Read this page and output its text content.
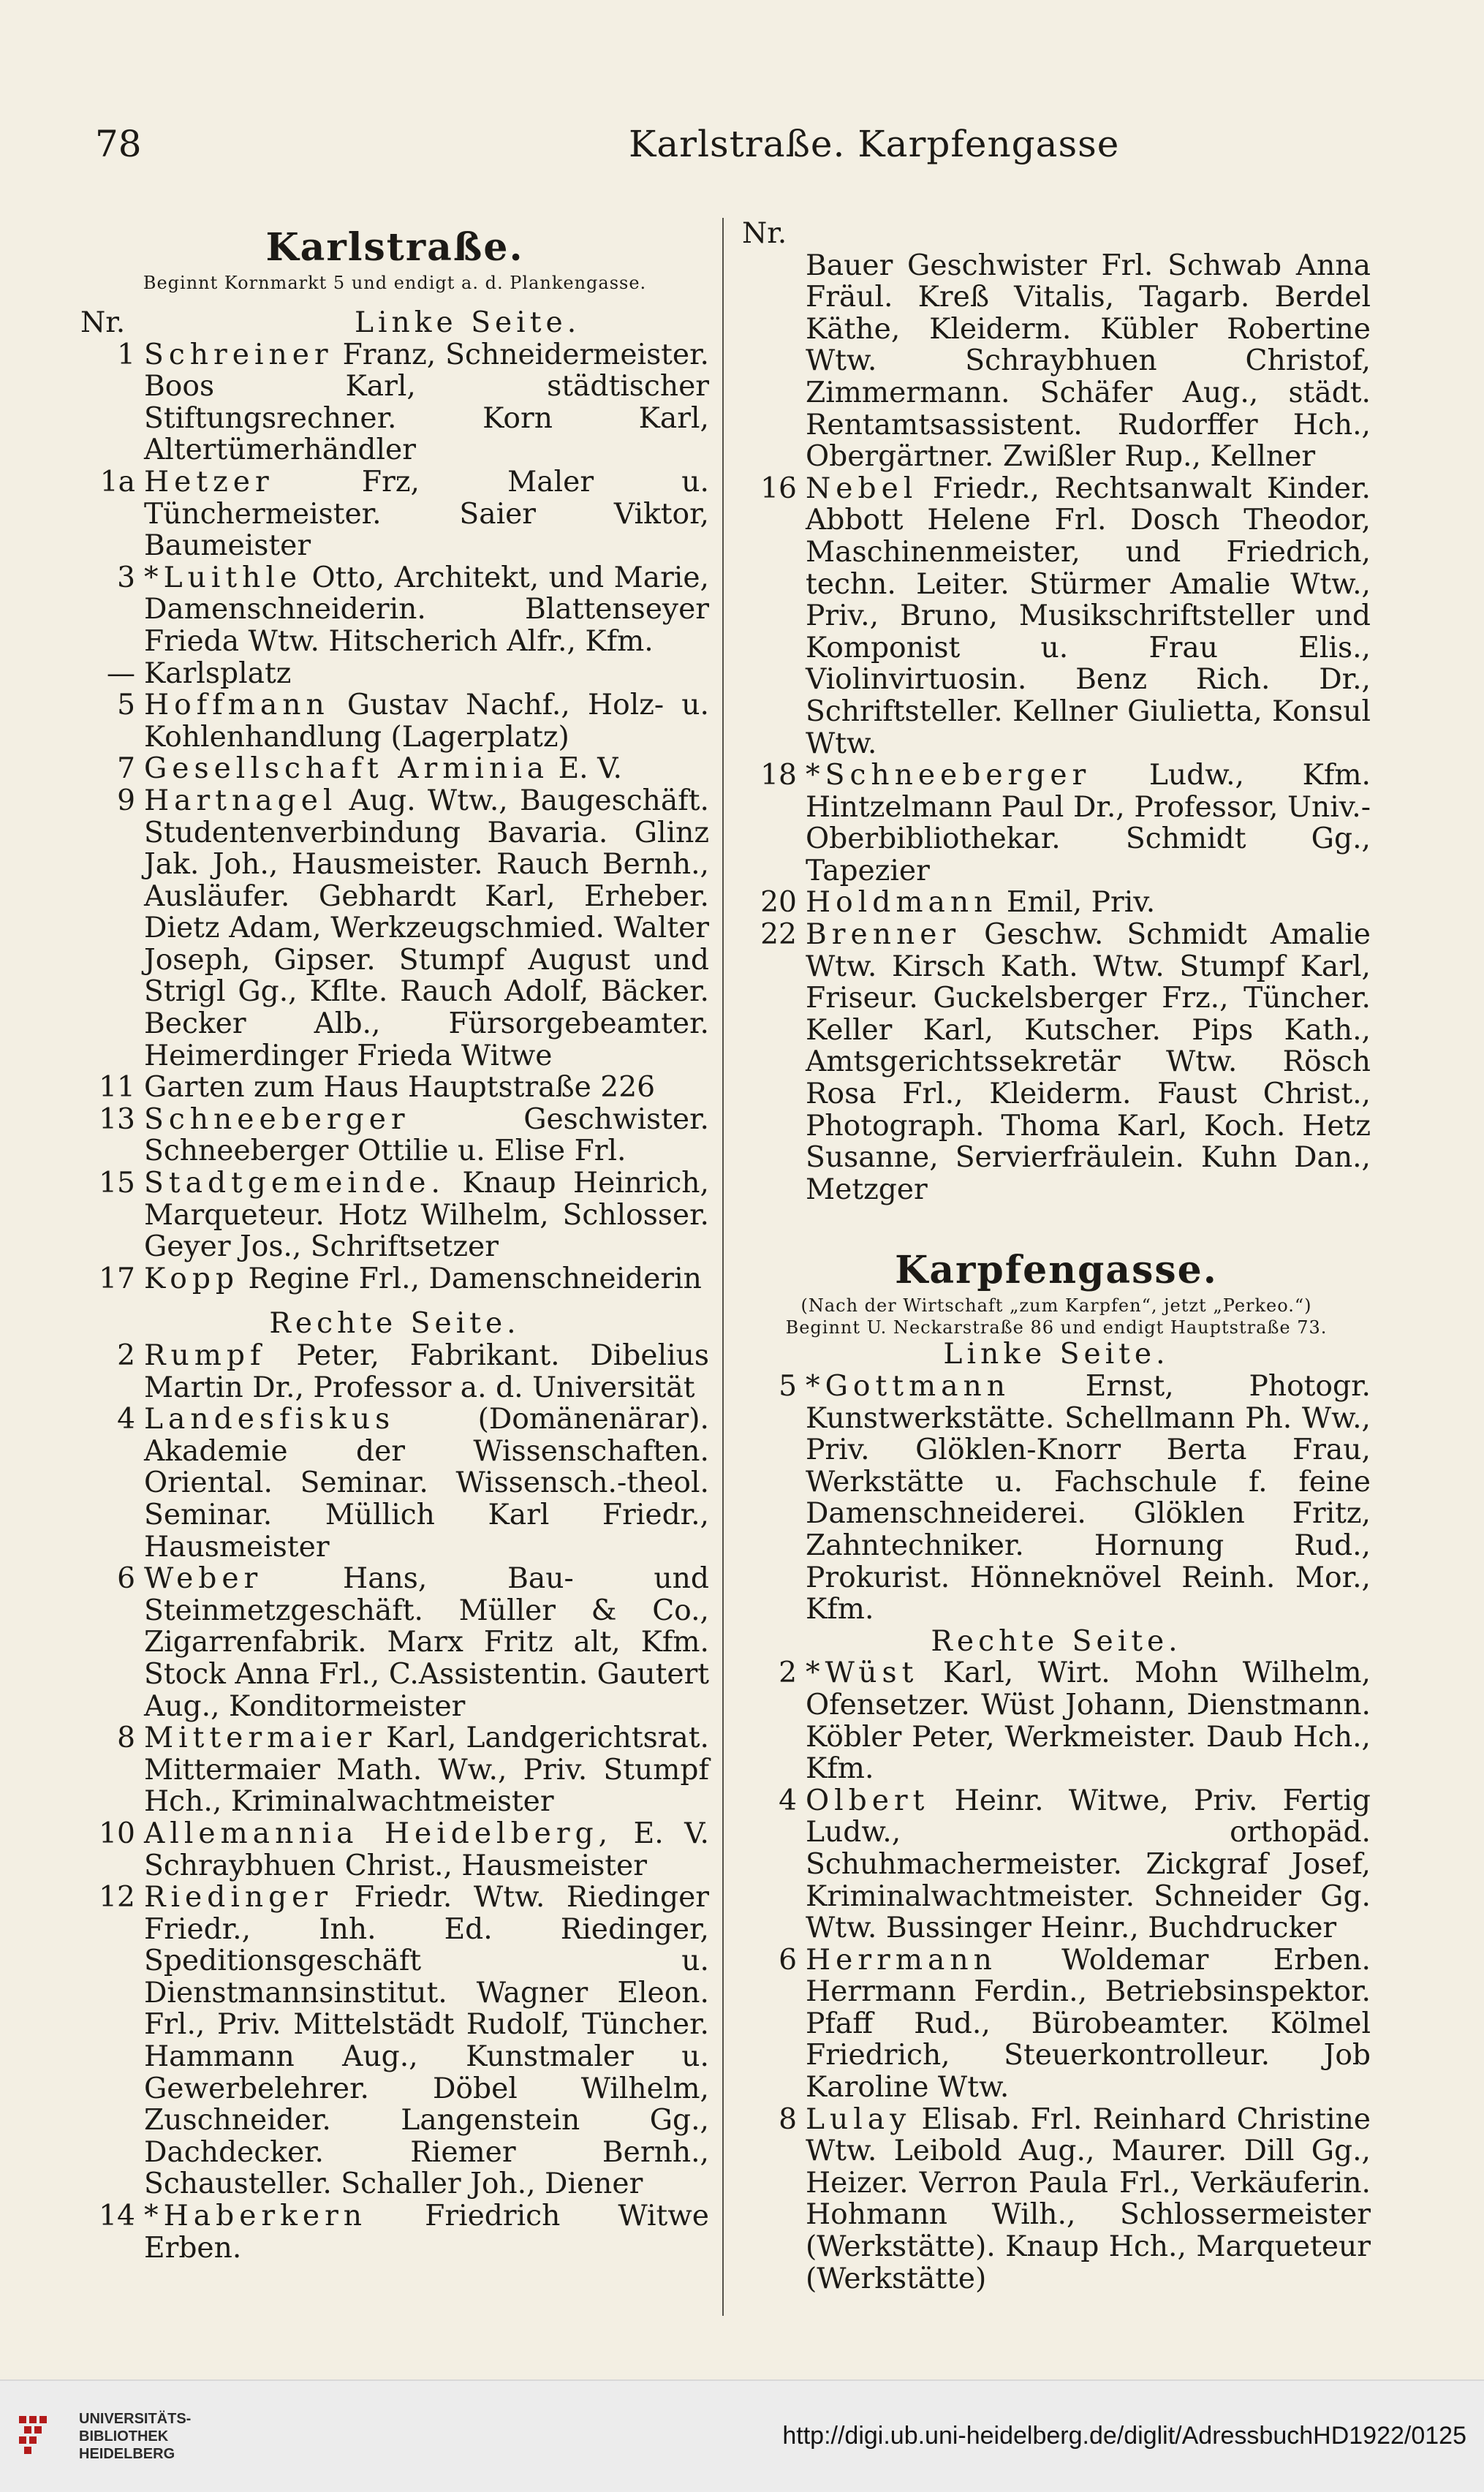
78	Karlstraße. Karpfengasse
Karlstraße.
Beginnt Kornmarkt 5 und endigt a. d. Plankengasse.
Nr.	Linke Seite.
1 Schreiner Franz, Schneidermeister. Boos Karl, städtischer Stiftungsrechner. Korn Karl, Altertümerhändler
1a Hetzer	Frz, Maler u. Tünchermeister. Saier Viktor, Baumeister
3 *Luithle Otto, Architekt, und Marie, Damenschneiderin. Blattenseyer Frieda Wtw. Hitscherich Alfr., Kfm.
— Karlsplatz
5 Hoffmann Gustav Nachf., Holz- u. Kohlenhandlung (Lagerplatz)
7 Gesellschaft Arminia E. V.
9 Hartnagel Aug. Wtw., Baugeschäft. Studentenverbindung Bavaria. Glinz Jak. Joh., Hausmeister. Rauch Bernh., Ausläufer. Gebhardt Karl, Erheber. Dietz Adam, Werkzeugschmied. Walter Joseph, Gipser. Stumpf August und Strigl Gg., Kflte. Rauch Adolf, Bäcker. Becker Alb., Fürsorgebeamter. Heimerdinger Frieda Witwe
11 Garten zum Haus Hauptstraße 226
13 Schneeberger	Geschwister. Schneeberger Ottilie u. Elise Frl.
15 Stadtgemeinde. Knaup Heinrich, Marqueteur. Hotz Wilhelm, Schlosser. Geyer Jos., Schriftsetzer
17 Kopp Regine Frl., Damenschneiderin
Rechte Seite.
2 Rumpf Peter, Fabrikant. Dibelius Martin Dr., Professor a. d. Universität
4 Landesfiskus	(Domänenärar). Akademie der Wissenschaften. Oriental. Seminar. Wissensch.-theol. Seminar. Müllich Karl Friedr., Hausmeister
6 Weber	Hans, Bau- und Steinmetzgeschäft. Müller & Co., Zigarrenfabrik. Marx Fritz alt, Kfm. Stock Anna Frl., C.Assistentin. Gautert Aug., Konditormeister
8 Mittermaier Karl, Landgerichtsrat. Mittermaier Math. Ww., Priv. Stumpf Hch., Kriminalwachtmeister
10 Allemannia Heidelberg, E. V. Schraybhuen Christ., Hausmeister
12 Riedinger Friedr. Wtw. Riedinger Friedr., Inh. Ed. Riedinger, Speditionsgeschäft u. Dienstmannsinstitut. Wagner Eleon. Frl., Priv. Mittelstädt Rudolf, Tüncher. Hammann Aug., Kunstmaler u. Gewerbelehrer. Döbel Wilhelm, Zuschneider. Langenstein Gg., Dachdecker. Riemer Bernh., Schausteller. Schaller Joh., Diener
14 *Haberkern Friedrich Witwe Erben.
Nr.
Bauer Geschwister Frl. Schwab Anna Fräul. Kreß Vitalis, Tagarb. Berdel Käthe, Kleiderm. Kübler Robertine Wtw. Schraybhuen Christof, Zimmermann. Schäfer Aug., städt. Rentamtsassistent. Rudorffer Hch., Obergärtner. Zwißler Rup., Kellner
16 Nebel Friedr., Rechtsanwalt Kinder. Abbott Helene Frl. Dosch Theodor, Maschinenmeister, und Friedrich, techn. Leiter. Stürmer Amalie Wtw., Priv., Bruno, Musikschriftsteller und Komponist u. Frau Elis., Violinvirtuosin. Benz Rich. Dr., Schriftsteller. Kellner Giulietta, Konsul Wtw.
18 *Schneeberger Ludw., Kfm. Hintzelmann Paul Dr., Professor, Univ.-Oberbibliothekar. Schmidt Gg., Tapezier
20 Holdmann Emil, Priv.
22 Brenner Geschw. Schmidt Amalie Wtw. Kirsch Kath. Wtw. Stumpf Karl, Friseur. Guckelsberger Frz., Tüncher. Keller Karl, Kutscher. Pips Kath., Amtsgerichtssekretär Wtw. Rösch Rosa Frl., Kleiderm. Faust Christ., Photograph. Thoma Karl, Koch. Hetz Susanne, Servierfräulein. Kuhn Dan., Metzger
Karpfengasse.
(Nach der Wirtschaft „zum Karpfen“, jetzt „Perkeo.“)
Beginnt U. Neckarstraße 86 und endigt Hauptstraße 73.
Linke Seite.
5 *Gottmann	Ernst, Photogr. Kunstwerkstätte. Schellmann Ph. Ww., Priv. Glöklen-Knorr Berta Frau, Werkstätte u. Fachschule f. feine Damenschneiderei. Glöklen Fritz, Zahntechniker. Hornung Rud., Prokurist. Hönneknövel Reinh. Mor., Kfm.
Rechte Seite.
2 *Wüst Karl, Wirt. Mohn Wilhelm, Ofensetzer. Wüst Johann, Dienstmann. Köbler Peter, Werkmeister. Daub Hch., Kfm.
4 Olbert Heinr. Witwe, Priv. Fertig Ludw., orthopäd. Schuhmachermeister. Zickgraf Josef, Kriminalwachtmeister. Schneider Gg. Wtw. Bussinger Heinr., Buchdrucker
6 Herrmann Woldemar Erben. Herrmann Ferdin., Betriebsinspektor. Pfaff Rud., Bürobeamter. Kölmel Friedrich, Steuerkontrolleur. Job Karoline Wtw.
8 Lulay Elisab. Frl. Reinhard Christine Wtw. Leibold Aug., Maurer. Dill Gg., Heizer. Verron Paula Frl., Verkäuferin. Hohmann Wilh., Schlossermeister (Werkstätte). Knaup Hch., Marqueteur (Werkstätte)
UNIVERSITÄTS-
BIBLIOTHEK
HEIDELBERG
http://digi.ub.uni-heidelberg.de/diglit/AdressbuchHD1922/0125
